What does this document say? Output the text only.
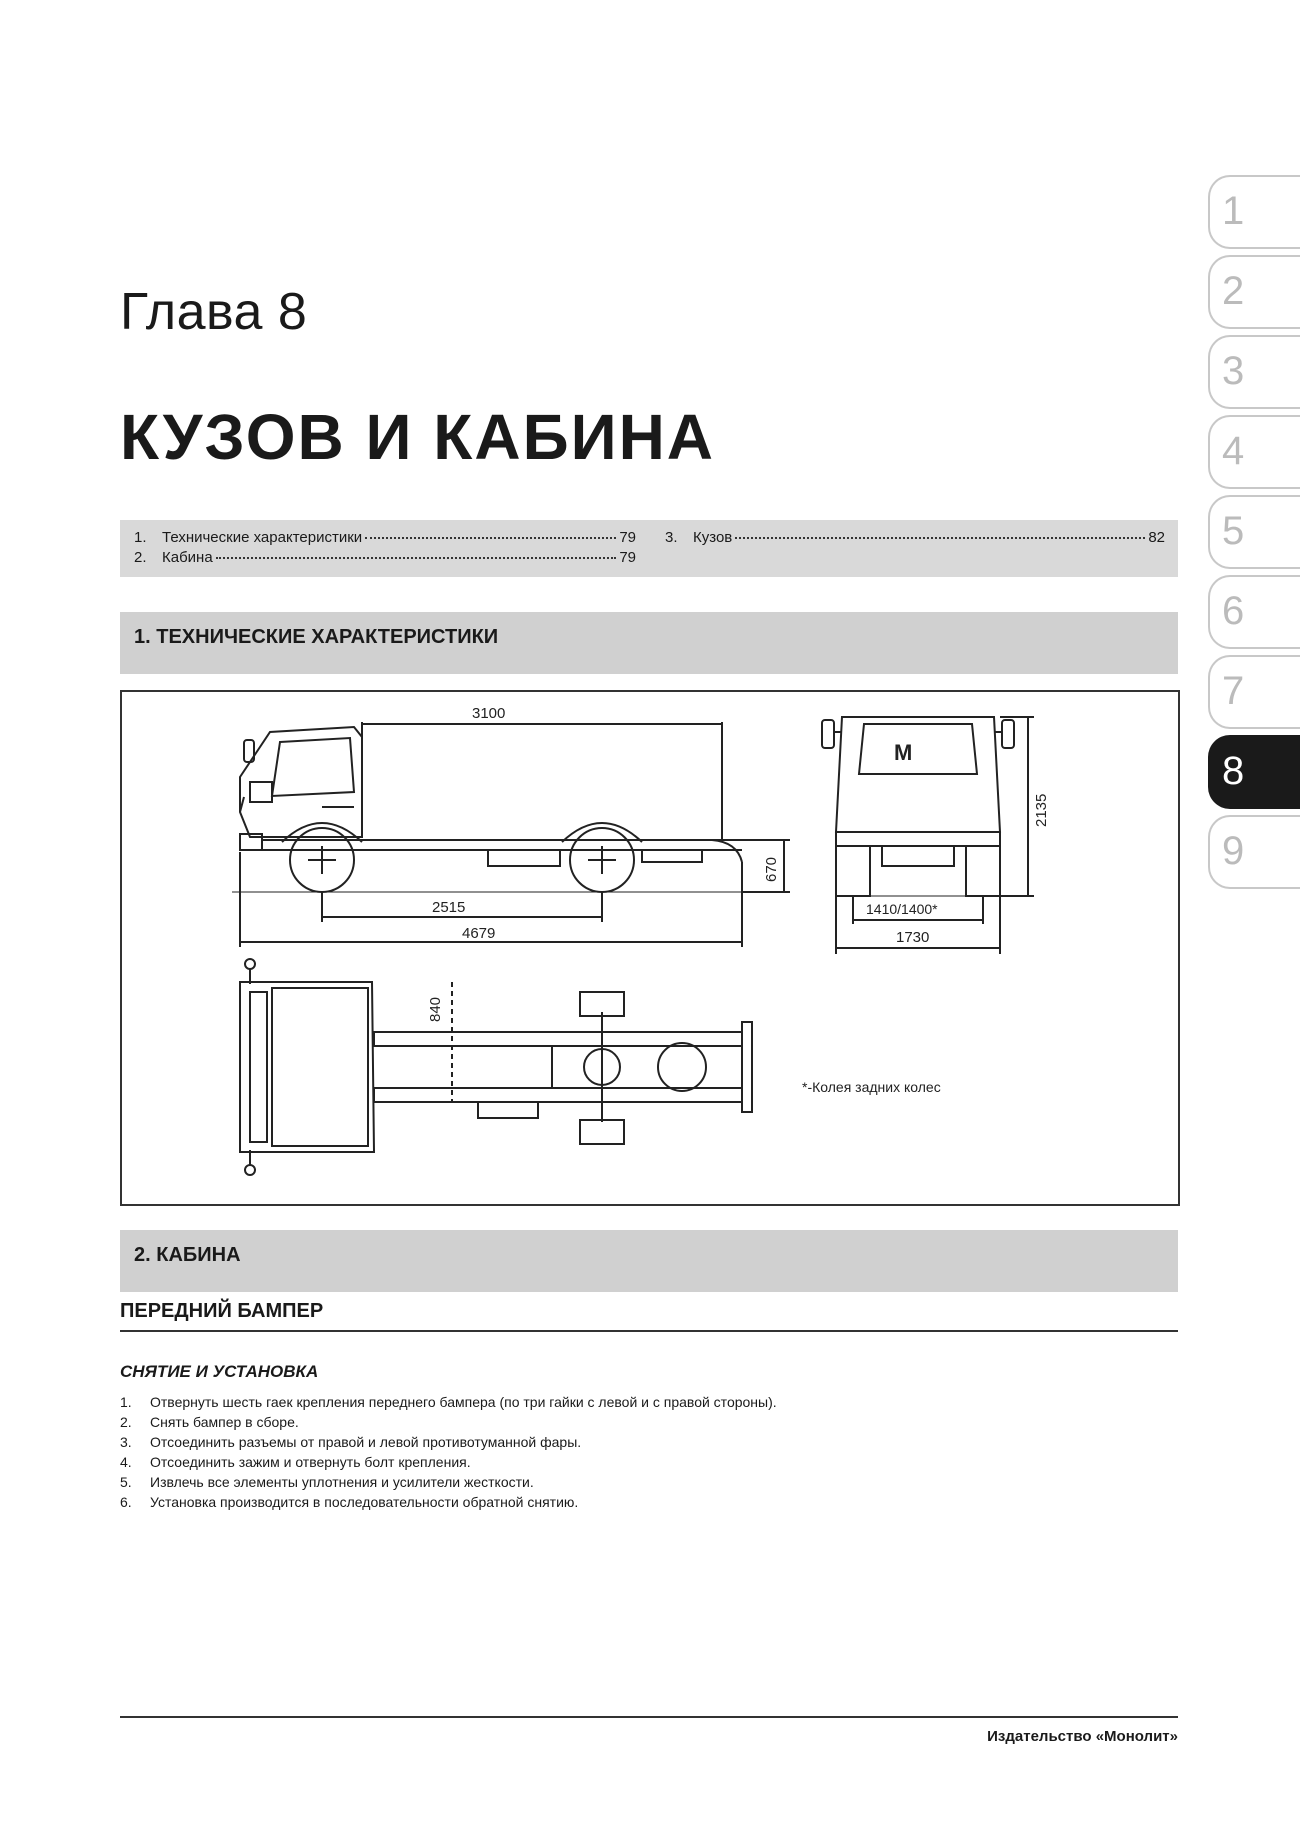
Глава 8
КУЗОВ И КАБИНА
1.	Технические характеристики	79
2.	Кабина	79
3.	Кузов	82
1. ТЕХНИЧЕСКИЕ ХАРАКТЕРИСТИКИ
3100
2515
4679
670
M
2135
1410/1400*
1730
840
*-Колея задних колес
2. КАБИНА
ПЕРЕДНИЙ БАМПЕР
СНЯТИЕ И УСТАНОВКА
1.	Отвернуть шесть гаек крепления переднего бампера (по три гайки с левой и с правой стороны).
2.	Снять бампер в сборе.
3.	Отсоединить разъемы от правой и левой противотуманной фары.
4.	Отсоединить зажим и отвернуть болт крепления.
5.	Извлечь все элементы уплотнения и усилители жесткости.
6.	Установка производится в последовательности обратной снятию.
Издательство «Монолит»
1
2
3
4
5
6
7
8
9
